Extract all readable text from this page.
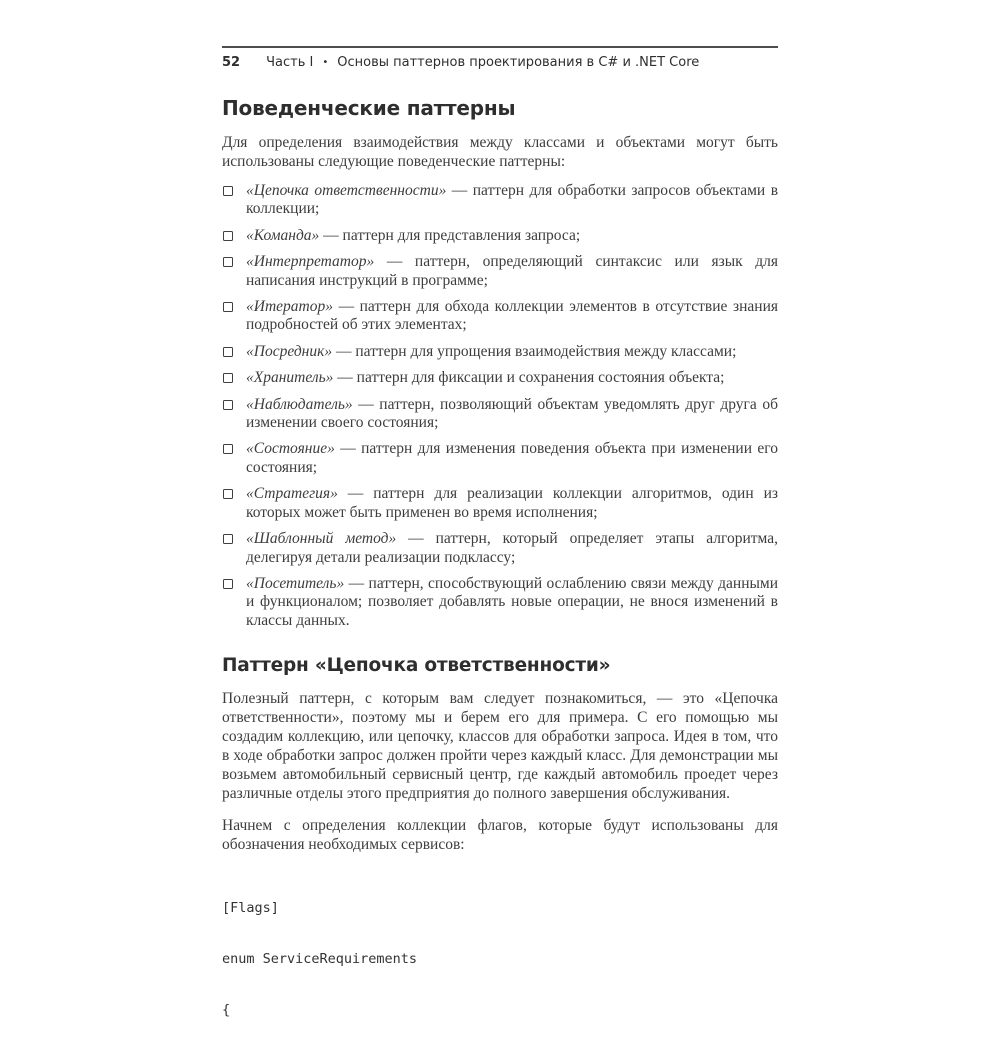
52 Часть I • Основы паттернов проектирования в C# и .NET Core
Поведенческие паттерны

Для определения взаимодействия между классами и объектами могут быть использованы следующие поведенческие паттерны:

«Цепочка ответственности» — паттерн для обработки запросов объектами в коллекции;
«Команда» — паттерн для представления запроса;
«Интерпретатор» — паттерн, определяющий синтаксис или язык для написания инструкций в программе;
«Итератор» — паттерн для обхода коллекции элементов в отсутствие знания подробностей об этих элементах;
«Посредник» — паттерн для упрощения взаимодействия между классами;
«Хранитель» — паттерн для фиксации и сохранения состояния объекта;
«Наблюдатель» — паттерн, позволяющий объектам уведомлять друг друга об изменении своего состояния;
«Состояние» — паттерн для изменения поведения объекта при изменении его состояния;
«Стратегия» — паттерн для реализации коллекции алгоритмов, один из которых может быть применен во время исполнения;
«Шаблонный метод» — паттерн, который определяет этапы алгоритма, делегируя детали реализации подклассу;
«Посетитель» — паттерн, способствующий ослаблению связи между данными и функционалом; позволяет добавлять новые операции, не внося изменений в классы данных.
Паттерн «Цепочка ответственности»

Полезный паттерн, с которым вам следует познакомиться, — это «Цепочка ответственности», поэтому мы и берем его для примера. С его помощью мы создадим коллекцию, или цепочку, классов для обработки запроса. Идея в том, что в ходе обработки запрос должен пройти через каждый класс. Для демонстрации мы возьмем автомобильный сервисный центр, где каждый автомобиль проедет через различные отделы этого предприятия до полного завершения обслуживания.

Начнем с определения коллекции флагов, которые будут использованы для обозначения необходимых сервисов:

[Flags]

enum ServiceRequirements

{
